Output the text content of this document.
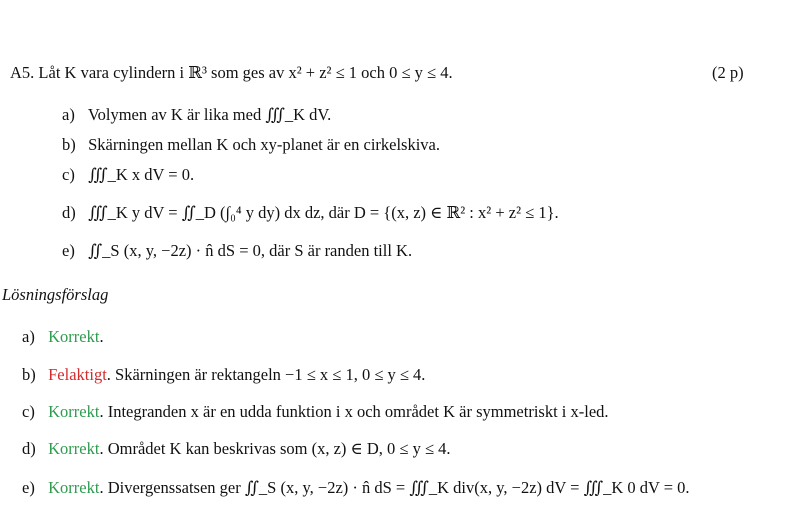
A5. Låt K vara cylindern i ℝ³ som ges av x² + z² ≤ 1 och 0 ≤ y ≤ 4.	(2 p)
a) Volymen av K är lika med ∭_K dV.
b) Skärningen mellan K och xy-planet är en cirkelskiva.
c) ∭_K x dV = 0.
d) ∭_K y dV = ∬_D (∫₀⁴ y dy) dx dz, där D = {(x, z) ∈ ℝ² : x² + z² ≤ 1}.
e) ∬_S (x, y, −2z) · n̂ dS = 0, där S är randen till K.
Lösningsförslag
a) Korrekt.
b) Felaktigt. Skärningen är rektangeln −1 ≤ x ≤ 1, 0 ≤ y ≤ 4.
c) Korrekt. Integranden x är en udda funktion i x och området K är symmetriskt i x-led.
d) Korrekt. Området K kan beskrivas som (x, z) ∈ D, 0 ≤ y ≤ 4.
e) Korrekt. Divergenssatsen ger ∬_S (x, y, −2z) · n̂ dS = ∭_K div(x, y, −2z) dV = ∭_K 0 dV = 0.
